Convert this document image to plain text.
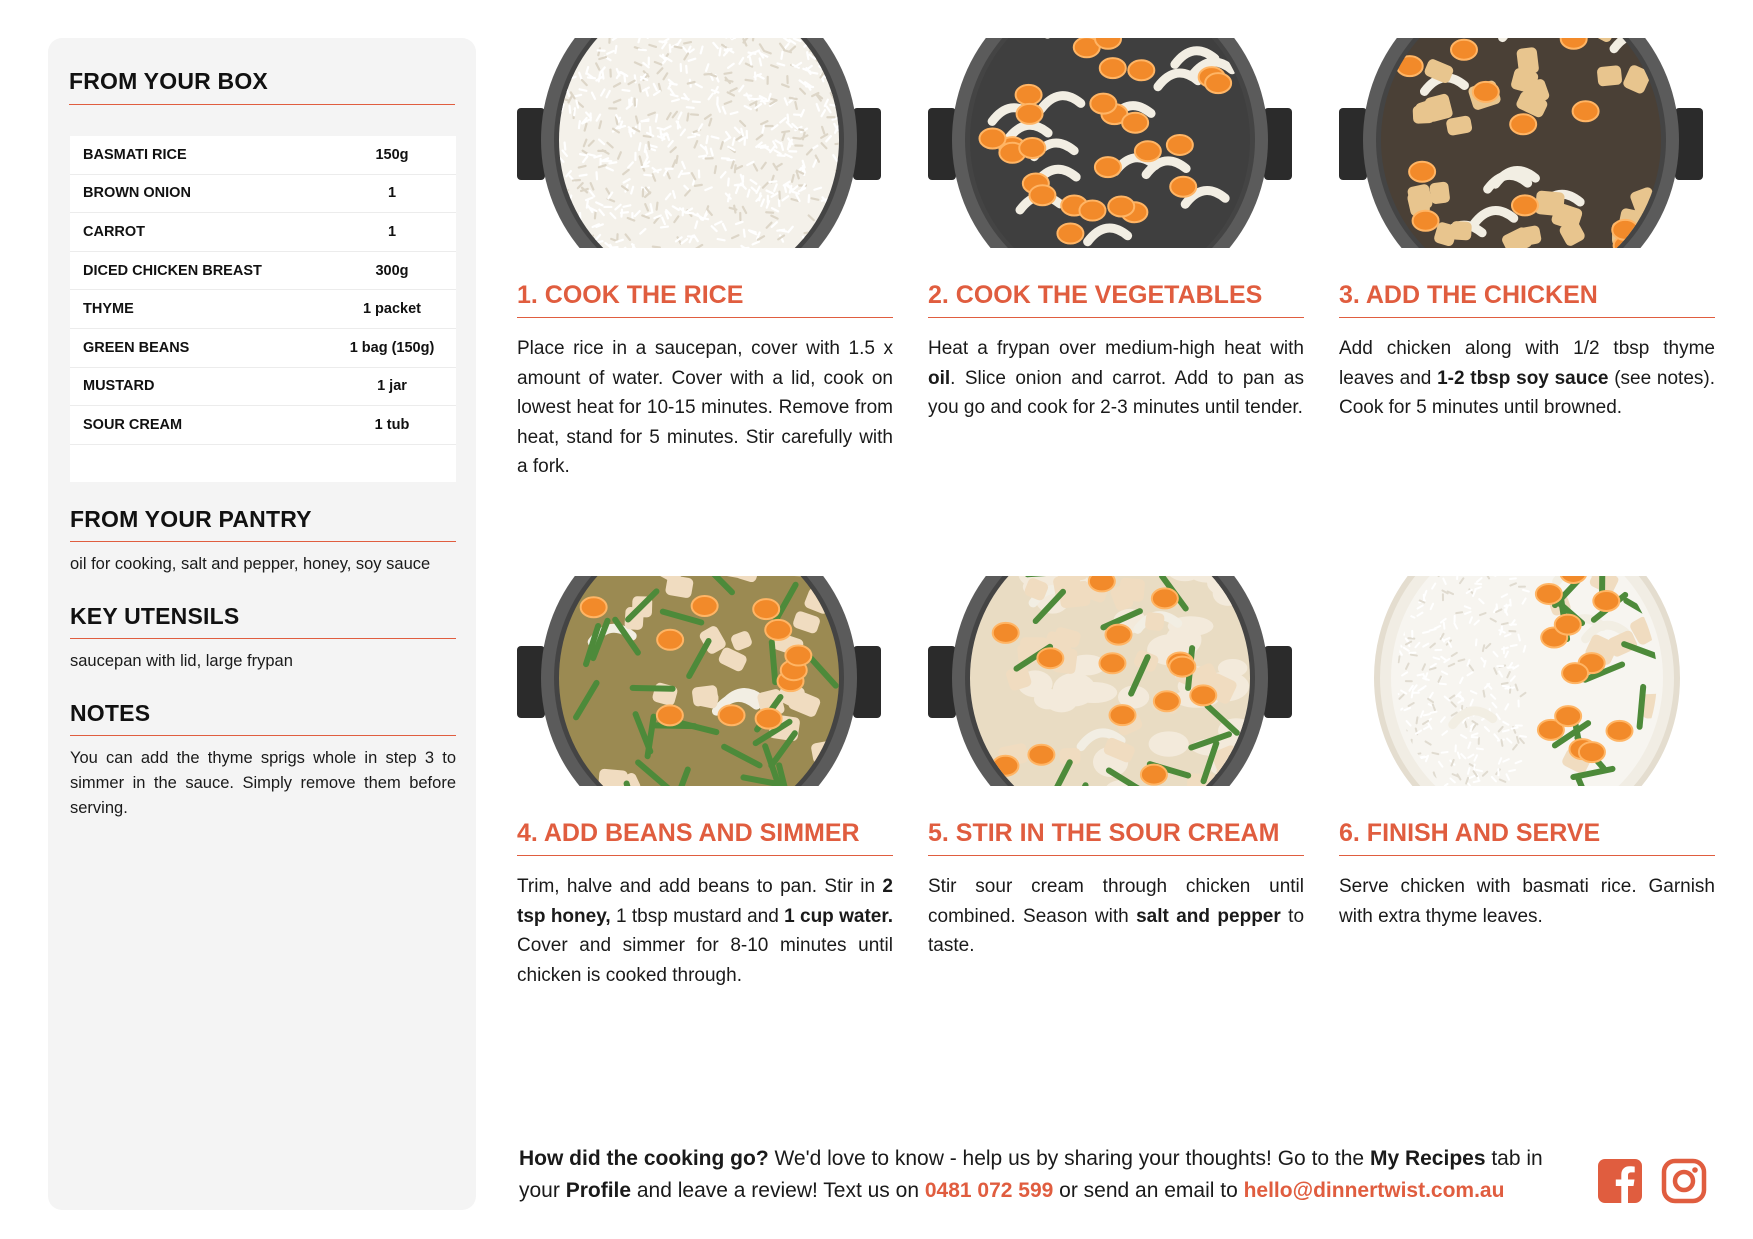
FROM YOUR BOX
BASMATI RICE	150g
BROWN ONION	1
CARROT	1
DICED CHICKEN BREAST	300g
THYME	1 packet
GREEN BEANS	1 bag (150g)
MUSTARD	1 jar
SOUR CREAM	1 tub
FROM YOUR PANTRY
oil for cooking, salt and pepper, honey, soy sauce
KEY UTENSILS
saucepan with lid, large frypan
NOTES
You can add the thyme sprigs whole in step 3 to simmer in the sauce. Simply remove them before serving.
1. COOK THE RICE
Place rice in a saucepan, cover with 1.5 x amount of water. Cover with a lid, cook on lowest heat for 10-15 minutes. Remove from heat, stand for 5 minutes. Stir carefully with a fork.
2. COOK THE VEGETABLES
Heat a frypan over medium-high heat with oil. Slice onion and carrot. Add to pan as you go and cook for 2-3 minutes until tender.
3. ADD THE CHICKEN
Add chicken along with 1/2 tbsp thyme leaves and 1-2 tbsp soy sauce (see notes). Cook for 5 minutes until browned.
4. ADD BEANS AND SIMMER
Trim, halve and add beans to pan. Stir in 2 tsp honey, 1 tbsp mustard and 1 cup water. Cover and simmer for 8-10 minutes until chicken is cooked through.
5. STIR IN THE SOUR CREAM
Stir sour cream through chicken until combined. Season with salt and pepper to taste.
6. FINISH AND SERVE
Serve chicken with basmati rice. Garnish with extra thyme leaves.
How did the cooking go? We'd love to know - help us by sharing your thoughts! Go to the My Recipes tab in your Profile and leave a review! Text us on 0481 072 599 or send an email to hello@dinnertwist.com.au
